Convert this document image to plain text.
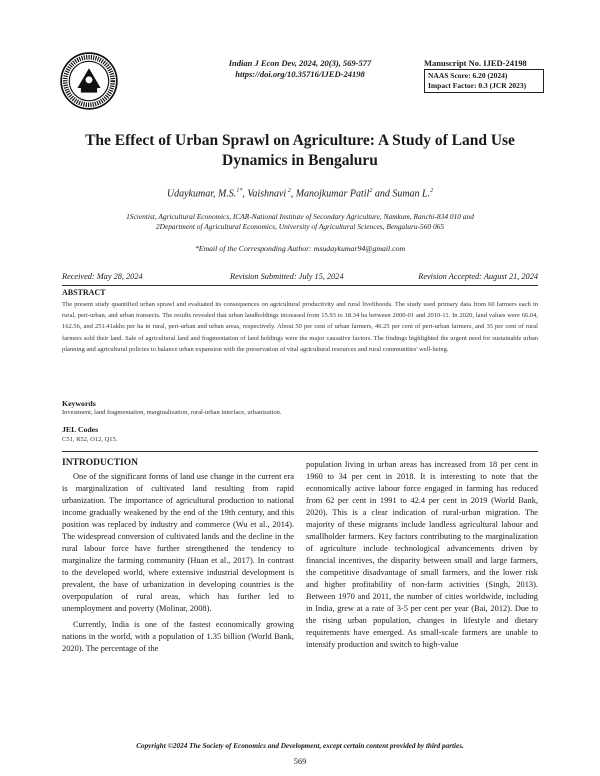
Indian J Econ Dev, 2024, 20(3), 569-577
https://doi.org/10.35716/IJED-24198
Manuscript No. IJED-24198
NAAS Score: 6.20 (2024)
Impact Factor: 0.3 (JCR 2023)
The Effect of Urban Sprawl on Agriculture: A Study of Land Use Dynamics in Bengaluru
Udaykumar, M.S.$^{1*}$, Vaishnavi $^2$, Manojkumar Patil$^2$ and Suman L.$^2$
1Scientist, Agricultural Economics, ICAR-National Institute of Secondary Agriculture, Namkum, Ranchi-834 010 and
2Department of Agricultural Economics, University of Agricultural Sciences, Bengaluru-560 065
*Email of the Corresponding Author: msudaykumar94@gmail.com
Received: May 28, 2024	Revision Submitted: July 15, 2024	Revision Accepted: August 21, 2024
ABSTRACT
The present study quantified urban sprawl and evaluated its consequences on agricultural productivity and rural livelihoods. The study used primary data from 60 farmers each in rural, peri-urban, and urban transects. The results revealed that urban landholdings increased from 15.93 to 18.34 ha between 2000-01 and 2010-11. In 2020, land values were 66.04, 162.56, and 251.41akhs per ha in rural, peri-urban and urban areas, respectively. About 50 per cent of urban farmers, 46.25 per cent of peri-urban farmers, and 35 per cent of rural farmers sold their land. Sale of agricultural land and fragmentation of land holdings were the major causative factors. The findings highlighted the urgent need for sustainable urban planning and agricultural policies to balance urban expansion with the preservation of vital agricultural resources and rural communities' well-being.
Keywords
Investment, land fragmentation, marginalization, rural-urban interface, urbanization.
JEL Codes
C51, R52, O12, Q15.
INTRODUCTION

One of the significant forms of land use change in the current era is marginalization of cultivated land resulting from rapid urbanization. The importance of agricultural production to national income gradually weakened by the end of the 19th century, and this position was replaced by industry and commerce (Wu et al., 2014). The widespread conversion of cultivated lands and the decline in the rural labour force have further strengthened the tendency to marginalize the farming community (Huan et al., 2017). In contrast to the developed world, where extensive industrial development is prevalent, the base of urbanization in developing countries is the overpopulation of rural areas, which has further led to unemployment and poverty (Molinar, 2008).

Currently, India is one of the fastest economically growing nations in the world, with a population of 1.35 billion (World Bank, 2020). The percentage of the

population living in urban areas has increased from 18 per cent in 1960 to 34 per cent in 2018. It is interesting to note that the economically active labour force engaged in farming has reduced from 62 per cent in 1991 to 42.4 per cent in 2019 (World Bank, 2020). This is a clear indication of rural-urban migration. The majority of these migrants include landless agricultural labour and smallholder farmers. Key factors contributing to the marginalization of agriculture include technological advancements driven by financial incentives, the disparity between small and large farmers, the competitive disadvantage of small farmers, and the lower risk and higher profitability of non-farm activities (Singh, 2013). Between 1970 and 2011, the number of cities worldwide, including in India, grew at a rate of 3-5 per cent per year (Bai, 2012). Due to the rising urban population, changes in lifestyle and dietary requirements have emerged. As small-scale farmers are unable to intensify production and switch to high-value

Copyright ©2024 The Society of Economics and Development, except certain content provided by third parties.
569
